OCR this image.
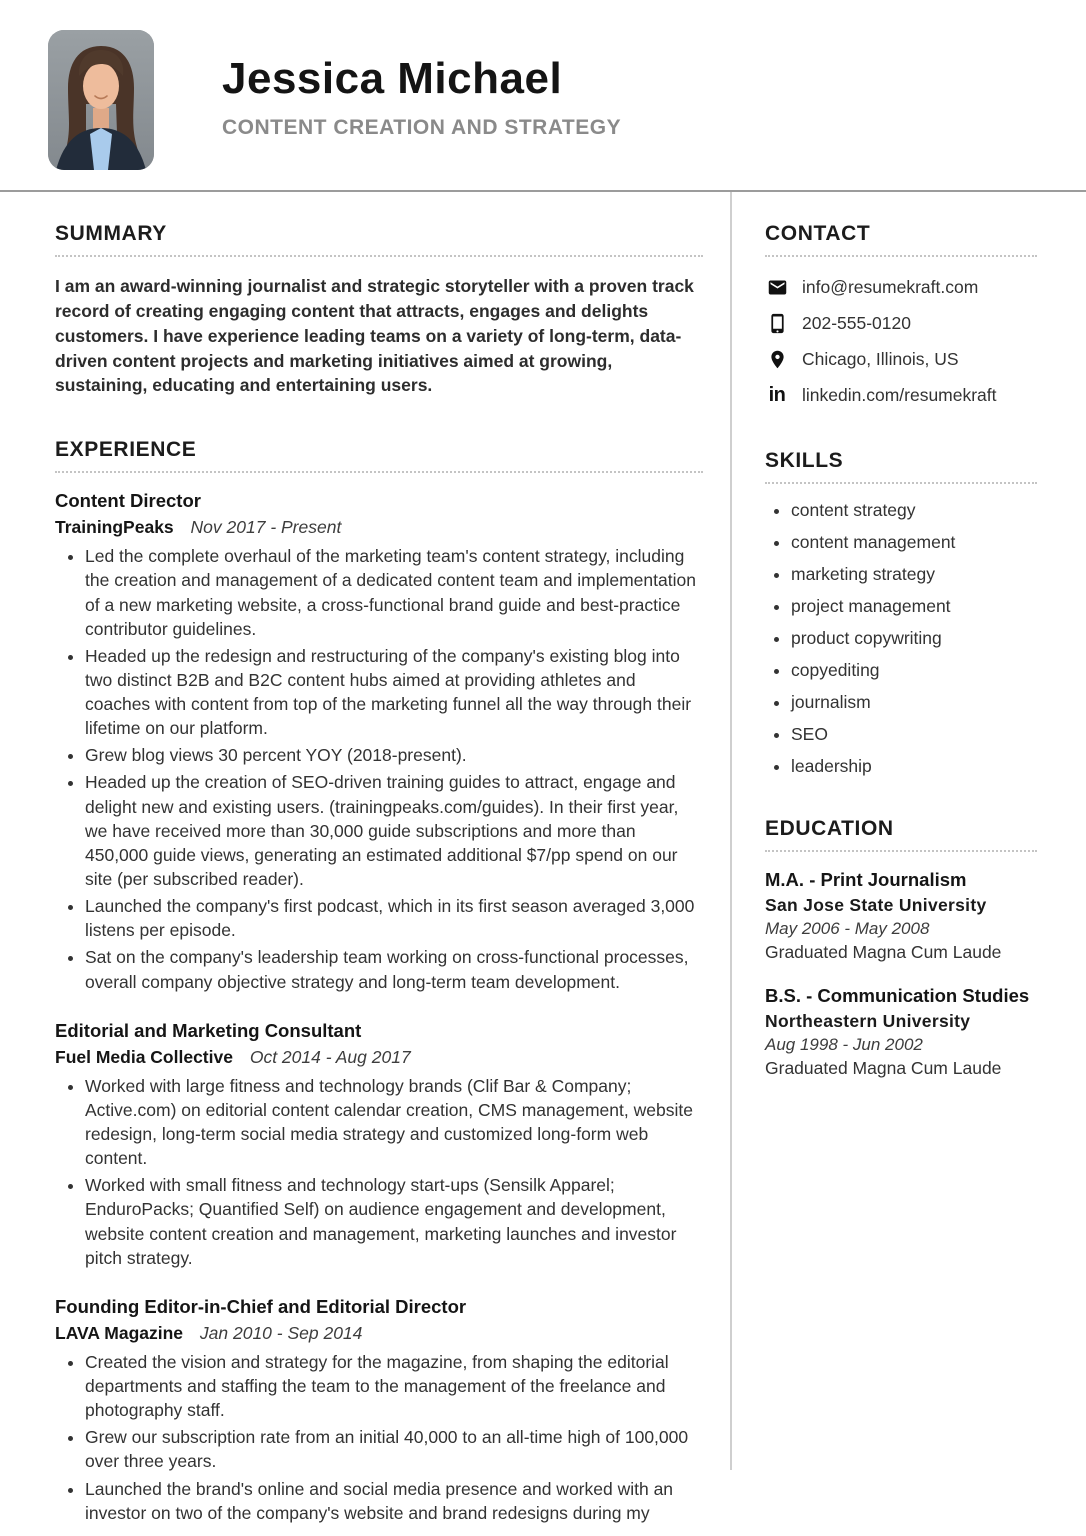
Jessica Michael
CONTENT CREATION AND STRATEGY
SUMMARY
I am an award-winning journalist and strategic storyteller with a proven track record of creating engaging content that attracts, engages and delights customers. I have experience leading teams on a variety of long-term, data-driven content projects and marketing initiatives aimed at growing, sustaining, educating and entertaining users.
EXPERIENCE
Content Director
TrainingPeaks Nov 2017 - Present
• Led the complete overhaul of the marketing team's content strategy, including the creation and management of a dedicated content team and implementation of a new marketing website, a cross-functional brand guide and best-practice contributor guidelines.
• Headed up the redesign and restructuring of the company's existing blog into two distinct B2B and B2C content hubs aimed at providing athletes and coaches with content from top of the marketing funnel all the way through their lifetime on our platform.
• Grew blog views 30 percent YOY (2018-present).
• Headed up the creation of SEO-driven training guides to attract, engage and delight new and existing users. (trainingpeaks.com/guides). In their first year, we have received more than 30,000 guide subscriptions and more than 450,000 guide views, generating an estimated additional $7/pp spend on our site (per subscribed reader).
• Launched the company's first podcast, which in its first season averaged 3,000 listens per episode.
• Sat on the company's leadership team working on cross-functional processes, overall company objective strategy and long-term team development.
Editorial and Marketing Consultant
Fuel Media Collective Oct 2014 - Aug 2017
• Worked with large fitness and technology brands (Clif Bar & Company; Active.com) on editorial content calendar creation, CMS management, website redesign, long-term social media strategy and customized long-form web content.
• Worked with small fitness and technology start-ups (Sensilk Apparel; EnduroPacks; Quantified Self) on audience engagement and development, website content creation and management, marketing launches and investor pitch strategy.
Founding Editor-in-Chief and Editorial Director
LAVA Magazine Jan 2010 - Sep 2014
• Created the vision and strategy for the magazine, from shaping the editorial departments and staffing the team to the management of the freelance and photography staff.
• Grew our subscription rate from an initial 40,000 to an all-time high of 100,000 over three years.
• Launched the brand's online and social media presence and worked with an investor on two of the company's website and brand redesigns during my
CONTACT
info@resumekraft.com
202-555-0120
Chicago, Illinois, US
in linkedin.com/resumekraft
SKILLS
• content strategy
• content management
• marketing strategy
• project management
• product copywriting
• copyediting
• journalism
• SEO
• leadership
EDUCATION
M.A. - Print Journalism
San Jose State University
May 2006 - May 2008
Graduated Magna Cum Laude
B.S. - Communication Studies
Northeastern University
Aug 1998 - Jun 2002
Graduated Magna Cum Laude
